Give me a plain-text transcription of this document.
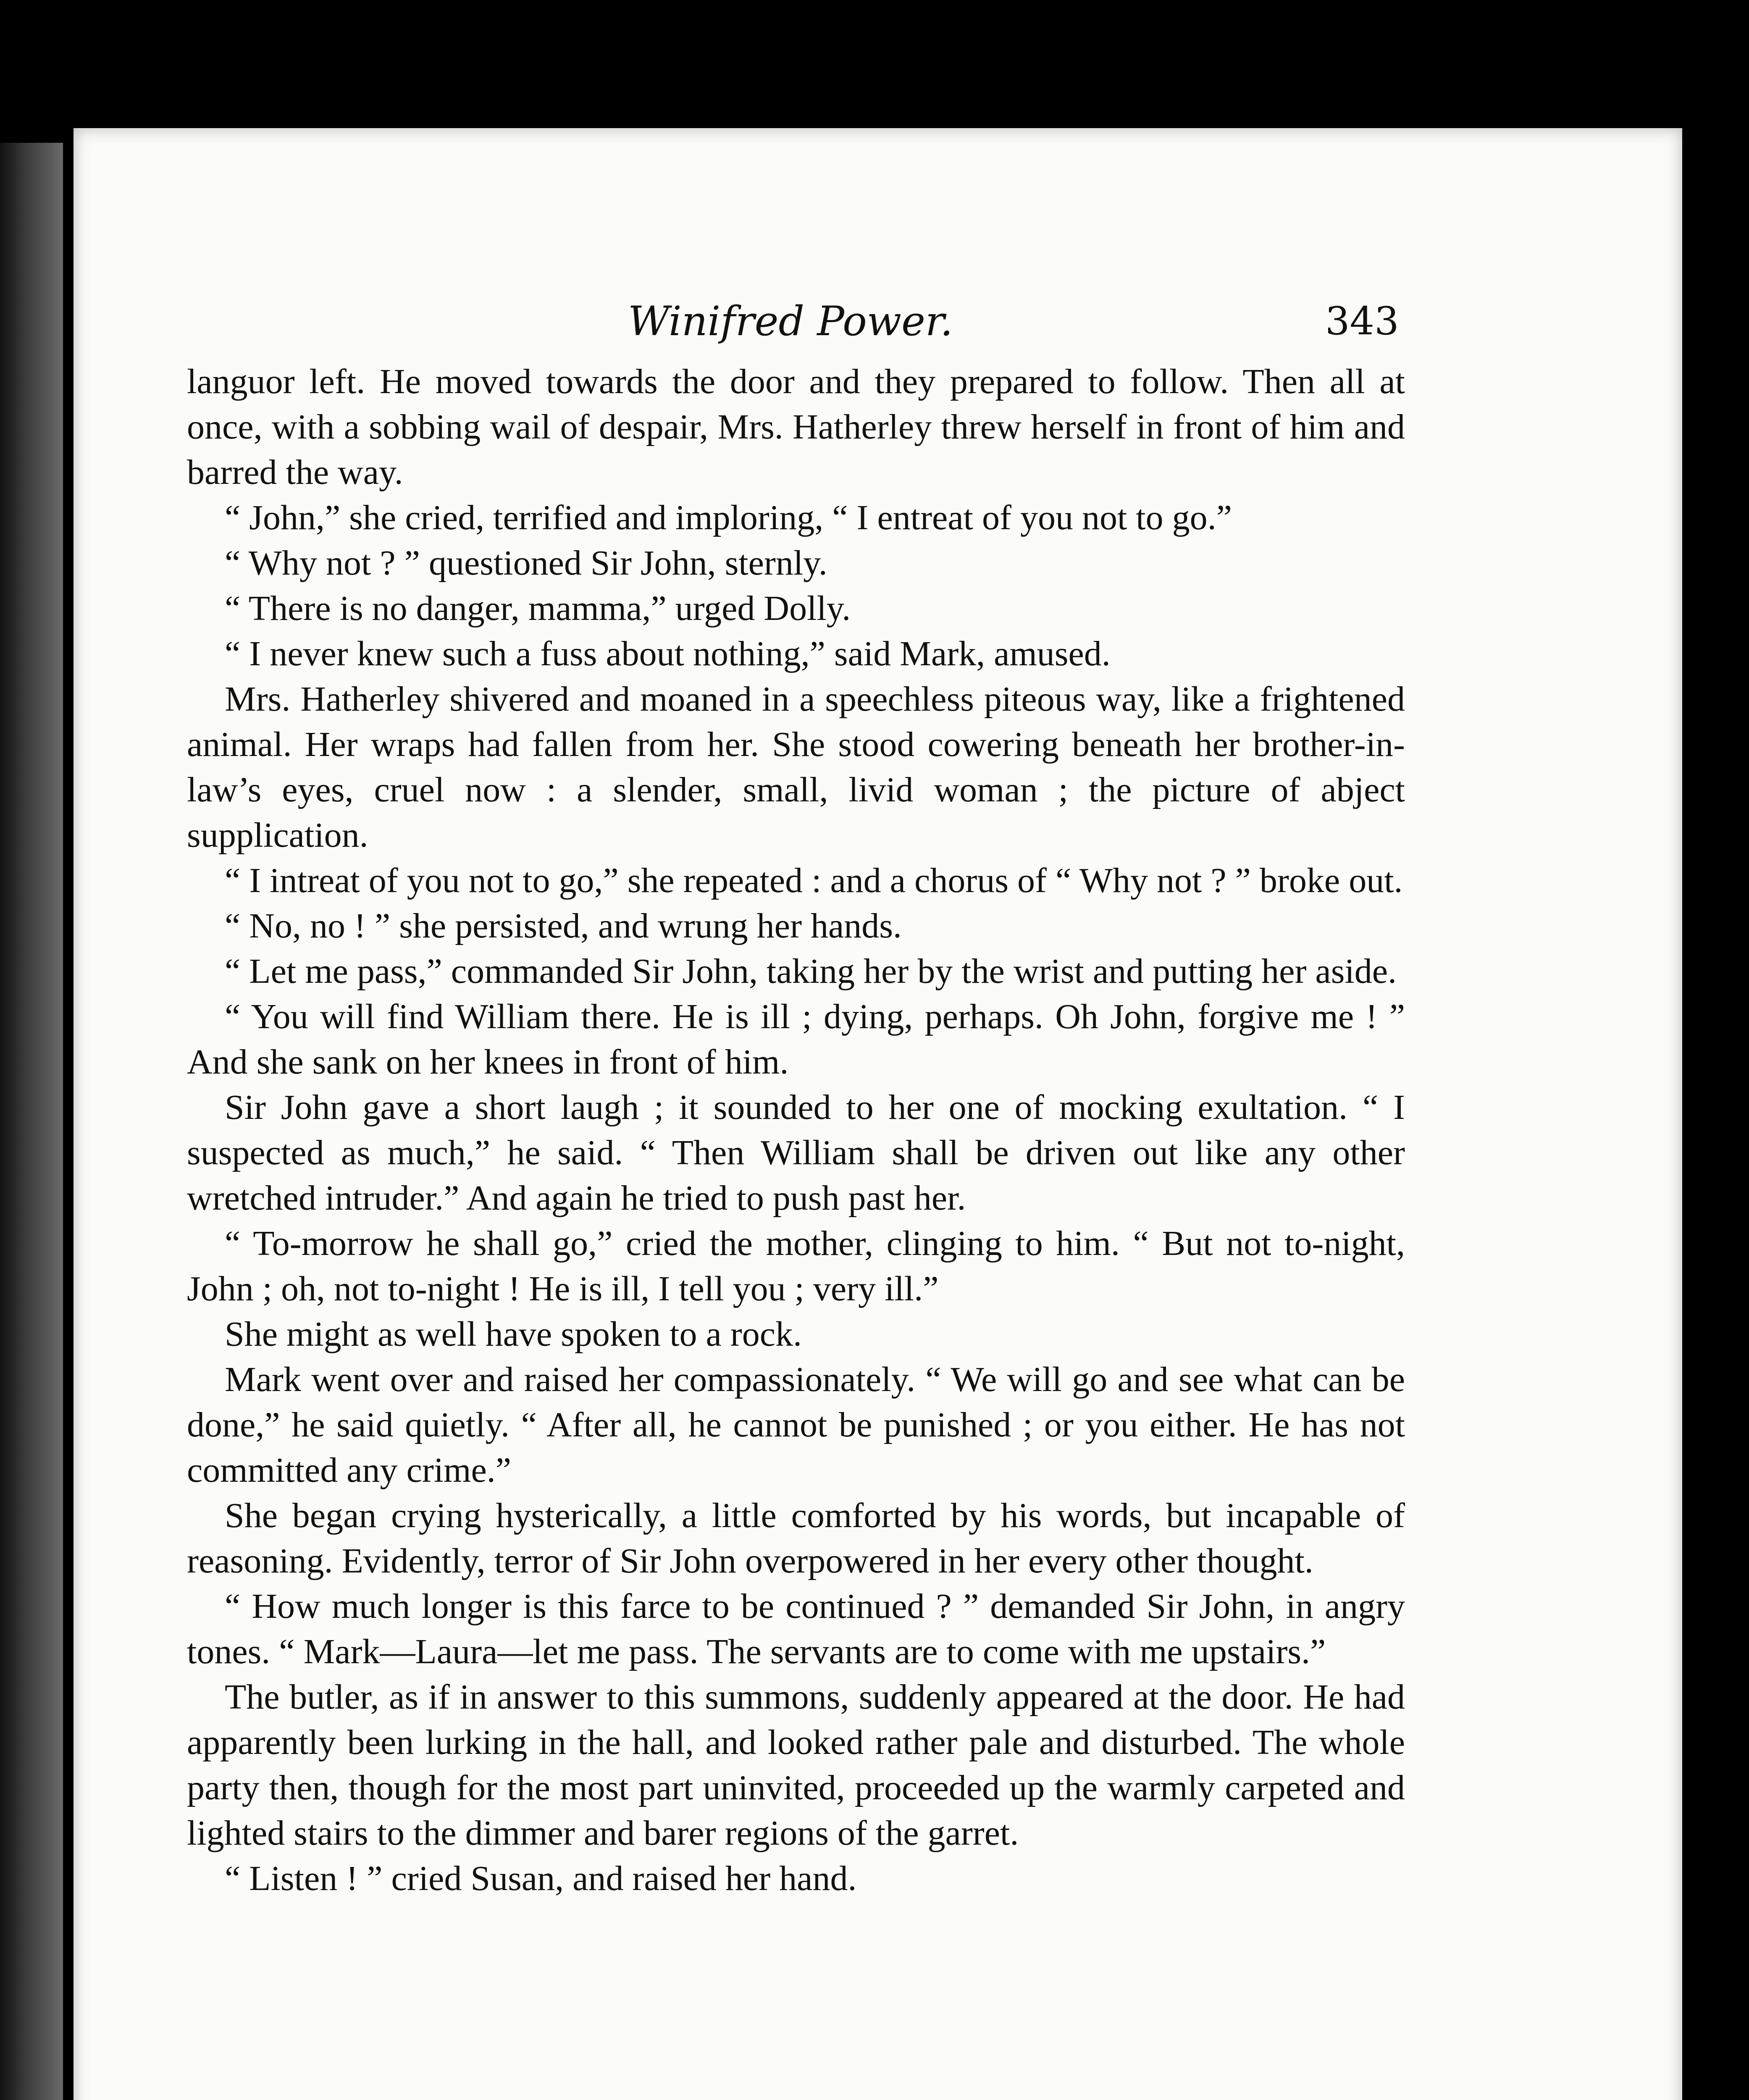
Winifred Power.	343

languor left. He moved towards the door and they prepared to follow. Then all at once, with a sobbing wail of despair, Mrs. Hatherley threw herself in front of him and barred the way.

“ John,” she cried, terrified and imploring, “ I entreat of you not to go.”

“ Why not ? ” questioned Sir John, sternly.

“ There is no danger, mamma,” urged Dolly.

“ I never knew such a fuss about nothing,” said Mark, amused.

Mrs. Hatherley shivered and moaned in a speechless piteous way, like a frightened animal. Her wraps had fallen from her. She stood cowering beneath her brother-in-law’s eyes, cruel now : a slender, small, livid woman ; the picture of abject supplication.

“ I intreat of you not to go,” she repeated : and a chorus of “ Why not ? ” broke out.

“ No, no ! ” she persisted, and wrung her hands.

“ Let me pass,” commanded Sir John, taking her by the wrist and putting her aside.

“ You will find William there. He is ill ; dying, perhaps. Oh John, forgive me ! ” And she sank on her knees in front of him.

Sir John gave a short laugh ; it sounded to her one of mocking exultation. “ I suspected as much,” he said. “ Then William shall be driven out like any other wretched intruder.” And again he tried to push past her.

“ To-morrow he shall go,” cried the mother, clinging to him. “ But not to-night, John ; oh, not to-night ! He is ill, I tell you ; very ill.”

She might as well have spoken to a rock.

Mark went over and raised her compassionately. “ We will go and see what can be done,” he said quietly. “ After all, he cannot be punished ; or you either. He has not committed any crime.”

She began crying hysterically, a little comforted by his words, but incapable of reasoning. Evidently, terror of Sir John overpowered in her every other thought.

“ How much longer is this farce to be continued ? ” demanded Sir John, in angry tones. “ Mark—Laura—let me pass. The servants are to come with me upstairs.”

The butler, as if in answer to this summons, suddenly appeared at the door. He had apparently been lurking in the hall, and looked rather pale and disturbed. The whole party then, though for the most part uninvited, proceeded up the warmly carpeted and lighted stairs to the dimmer and barer regions of the garret.

“ Listen ! ” cried Susan, and raised her hand.
